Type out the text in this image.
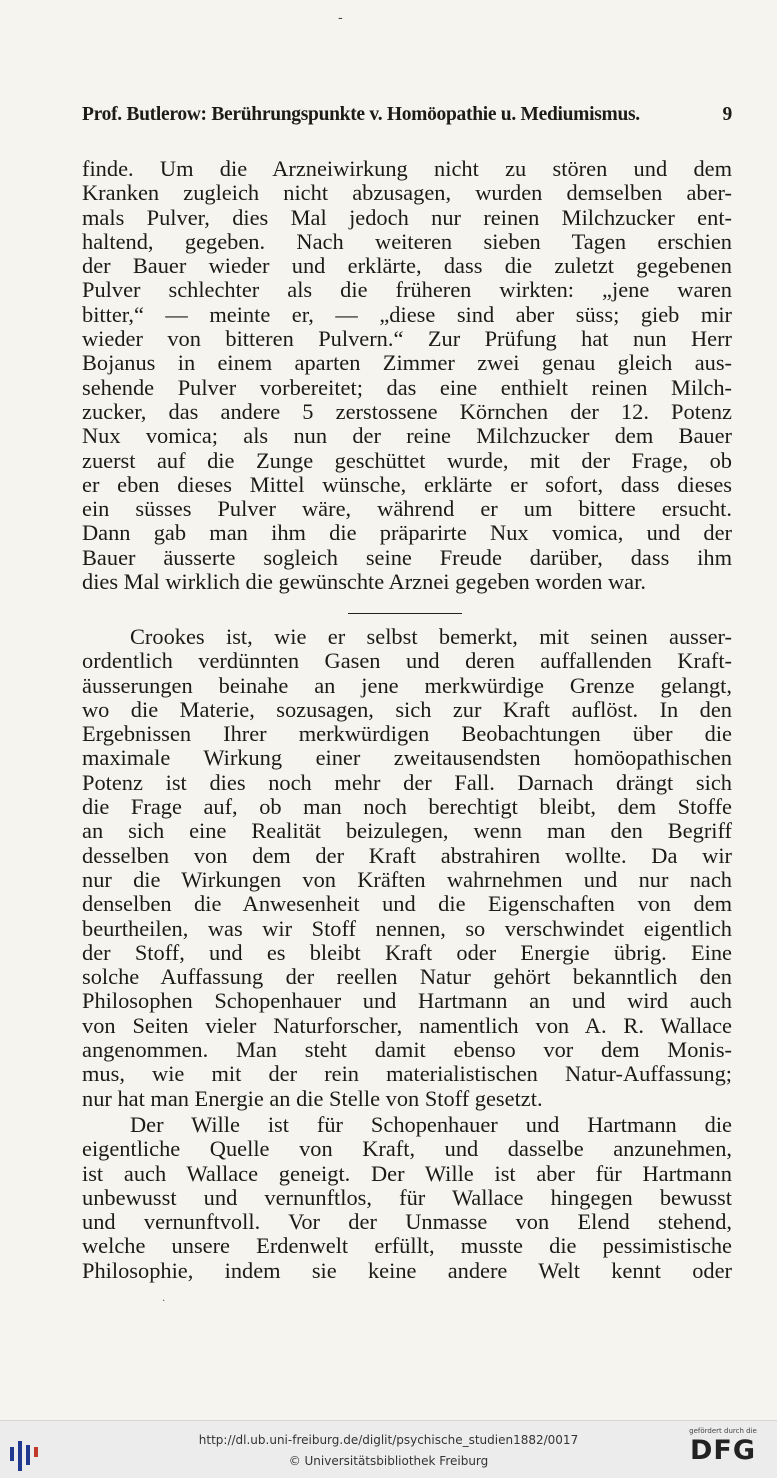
-
Prof. Butlerow: Berührungspunkte v. Homöopathie u. Mediumismus.	9
finde. Um die Arzneiwirkung nicht zu stören und dem
Kranken zugleich nicht abzusagen, wurden demselben aber-
mals Pulver, dies Mal jedoch nur reinen Milchzucker ent-
haltend, gegeben. Nach weiteren sieben Tagen erschien
der Bauer wieder und erklärte, dass die zuletzt gegebenen
Pulver schlechter als die früheren wirkten: „jene waren
bitter,“ — meinte er, — „diese sind aber süss; gieb mir
wieder von bitteren Pulvern.“ Zur Prüfung hat nun Herr
Bojanus in einem aparten Zimmer zwei genau gleich aus-
sehende Pulver vorbereitet; das eine enthielt reinen Milch-
zucker, das andere 5 zerstossene Körnchen der 12. Potenz
Nux vomica; als nun der reine Milchzucker dem Bauer
zuerst auf die Zunge geschüttet wurde, mit der Frage, ob
er eben dieses Mittel wünsche, erklärte er sofort, dass dieses
ein süsses Pulver wäre, während er um bittere ersucht.
Dann gab man ihm die präparirte Nux vomica, und der
Bauer äusserte sogleich seine Freude darüber, dass ihm
dies Mal wirklich die gewünschte Arznei gegeben worden war.
Crookes ist, wie er selbst bemerkt, mit seinen ausser-
ordentlich verdünnten Gasen und deren auffallenden Kraft-
äusserungen beinahe an jene merkwürdige Grenze gelangt,
wo die Materie, sozusagen, sich zur Kraft auflöst. In den
Ergebnissen Ihrer merkwürdigen Beobachtungen über die
maximale Wirkung einer zweitausendsten homöopathischen
Potenz ist dies noch mehr der Fall. Darnach drängt sich
die Frage auf, ob man noch berechtigt bleibt, dem Stoffe
an sich eine Realität beizulegen, wenn man den Begriff
desselben von dem der Kraft abstrahiren wollte. Da wir
nur die Wirkungen von Kräften wahrnehmen und nur nach
denselben die Anwesenheit und die Eigenschaften von dem
beurtheilen, was wir Stoff nennen, so verschwindet eigentlich
der Stoff, und es bleibt Kraft oder Energie übrig. Eine
solche Auffassung der reellen Natur gehört bekanntlich den
Philosophen Schopenhauer und Hartmann an und wird auch
von Seiten vieler Naturforscher, namentlich von A. R. Wallace
angenommen. Man steht damit ebenso vor dem Monis-
mus, wie mit der rein materialistischen Natur-Auffassung;
nur hat man Energie an die Stelle von Stoff gesetzt.
Der Wille ist für Schopenhauer und Hartmann die
eigentliche Quelle von Kraft, und dasselbe anzunehmen,
ist auch Wallace geneigt. Der Wille ist aber für Hartmann
unbewusst und vernunftlos, für Wallace hingegen bewusst
und vernunftvoll. Vor der Unmasse von Elend stehend,
welche unsere Erdenwelt erfüllt, musste die pessimistische
Philosophie, indem sie keine andere Welt kennt oder
·
http://dl.ub.uni-freiburg.de/diglit/psychische_studien1882/0017
© Universitätsbibliothek Freiburg
gefördert durch die
DFG
